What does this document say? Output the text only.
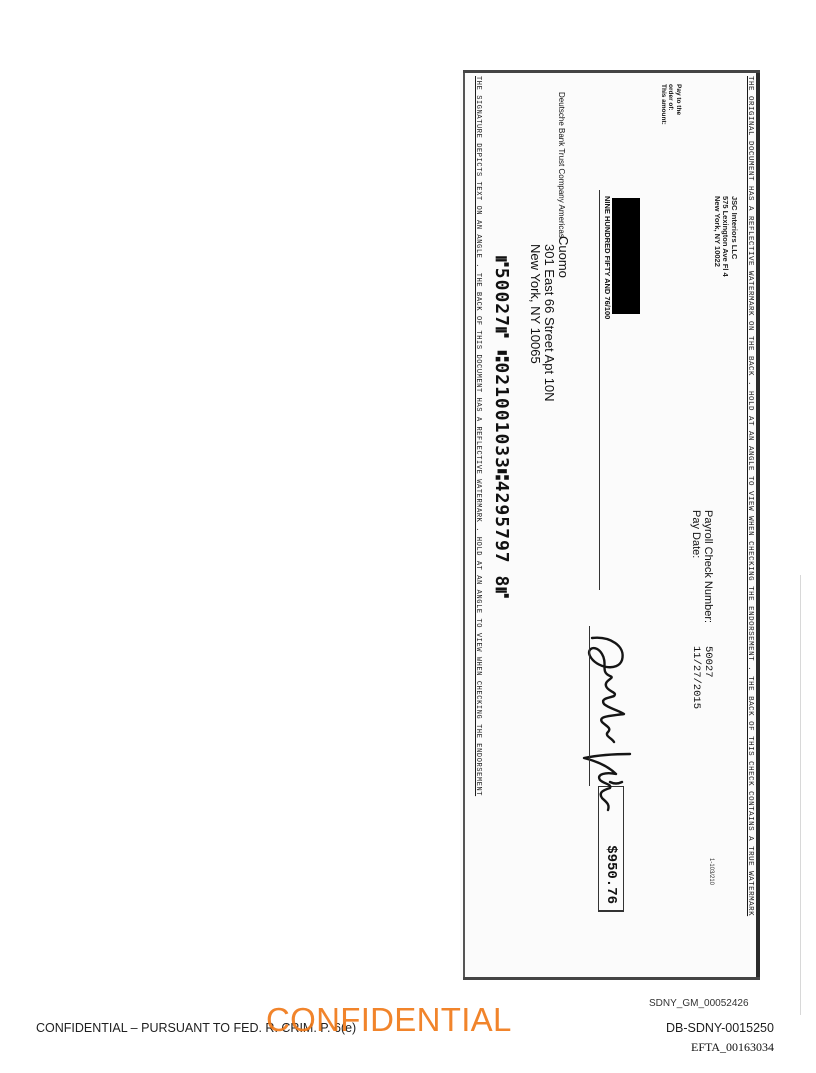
THE ORIGINAL DOCUMENT HAS A REFLECTIVE WATERMARK ON THE BACK . HOLD AT AN ANGLE TO VIEW WHEN CHECKING THE ENDORSEMENT . THE BACK OF THIS CHECK CONTAINS A TRUE WATERMARK
JSC Interiors LLC
575 Lexington Ave Fl 4
New York, NY 10022
1-103/210
Payroll Check Number:
50027
Pay Date:
11/27/2015
Pay to the
order of:
This amount:
NINE HUNDRED FIFTY AND 76/100
$950.76
Deutsche Bank Trust Company Americas
Cuomo
301 East 66 Street Apt 10N
New York, NY 10065
⑈50027⑈ ⑆021001033⑆4295797 8⑈
THE SIGNATURE DEPICTS TEXT ON AN ANGLE . THE BACK OF THIS DOCUMENT HAS A REFLECTIVE WATERMARK . HOLD AT AN ANGLE TO VIEW WHEN CHECKING THE ENDORSEMENT
CONFIDENTIAL – PURSUANT TO FED. R. CRIM. P. 6(e)
CONFIDENTIAL	SDNY_GM_00052426
DB-SDNY-0015250
EFTA_00163034
